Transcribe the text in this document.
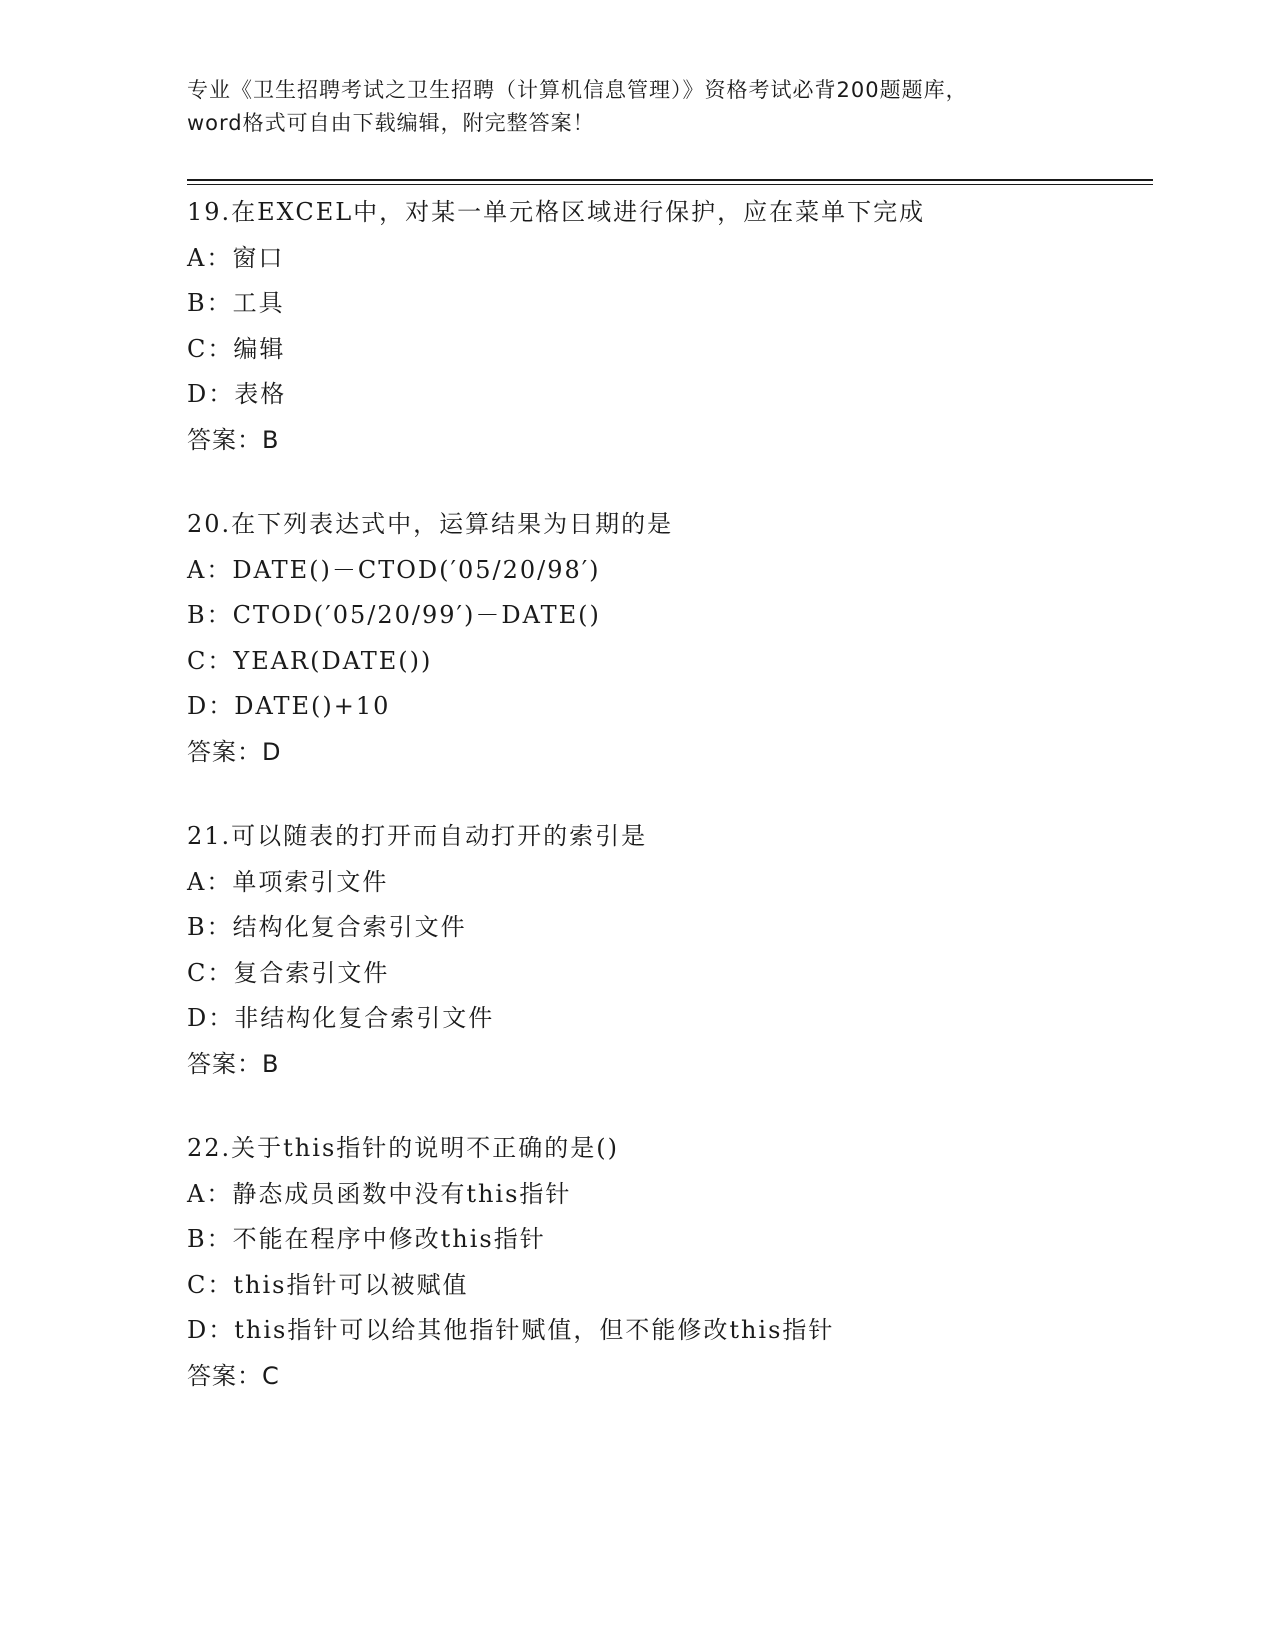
专业《卫生招聘考试之卫生招聘（计算机信息管理）》资格考试必背200题题库，
word格式可自由下载编辑，附完整答案！
19.在EXCEL中，对某一单元格区域进行保护，应在菜单下完成
A：窗口
B：工具
C：编辑
D：表格
答案：B
20.在下列表达式中，运算结果为日期的是
A：DATE()－CTOD(′05/20/98′)
B：CTOD(′05/20/99′)－DATE()
C：YEAR(DATE())
D：DATE()+10
答案：D
21.可以随表的打开而自动打开的索引是
A：单项索引文件
B：结构化复合索引文件
C：复合索引文件
D：非结构化复合索引文件
答案：B
22.关于this指针的说明不正确的是()
A：静态成员函数中没有this指针
B：不能在程序中修改this指针
C：this指针可以被赋值
D：this指针可以给其他指针赋值，但不能修改this指针
答案：C
